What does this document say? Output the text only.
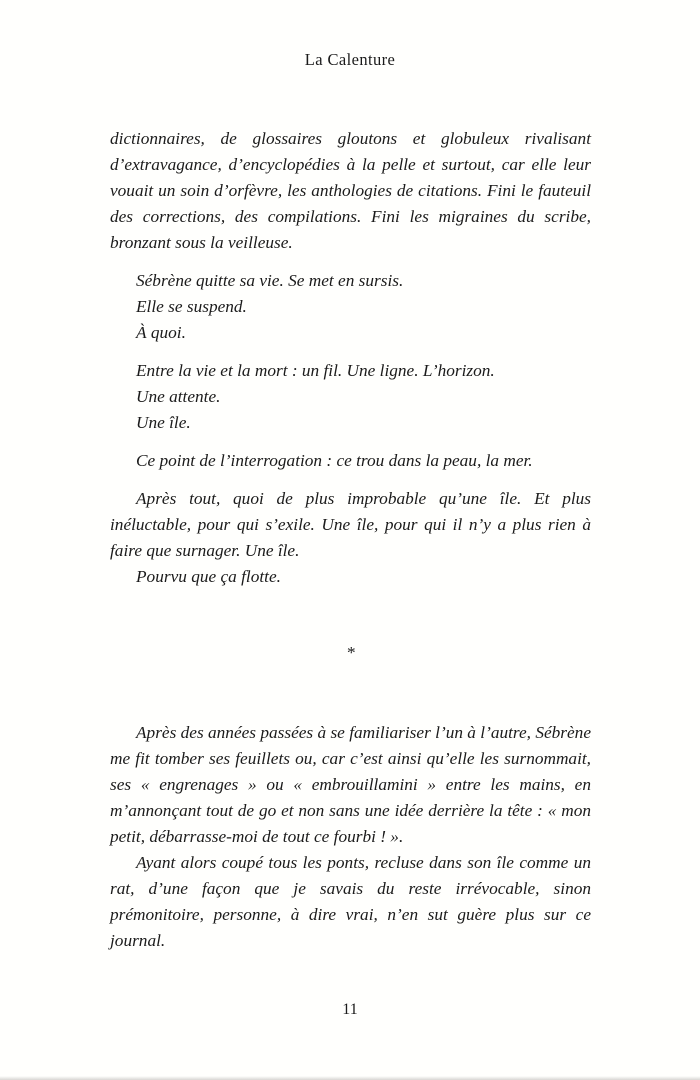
La Calenture

dictionnaires, de glossaires gloutons et globuleux rivalisant d’extravagance, d’encyclopédies à la pelle et surtout, car elle leur vouait un soin d’orfèvre, les anthologies de citations. Fini le fauteuil des corrections, des compilations. Fini les migraines du scribe, bronzant sous la veilleuse.

Sébrène quitte sa vie. Se met en sursis.

Elle se suspend.

À quoi.

Entre la vie et la mort : un fil. Une ligne. L’horizon.

Une attente.

Une île.

Ce point de l’interrogation : ce trou dans la peau, la mer.

Après tout, quoi de plus improbable qu’une île. Et plus inéluctable, pour qui s’exile. Une île, pour qui il n’y a plus rien à faire que surnager. Une île.

Pourvu que ça flotte.

*

Après des années passées à se familiariser l’un à l’autre, Sébrène me fit tomber ses feuillets ou, car c’est ainsi qu’elle les surnommait, ses « engrenages » ou « embrouillamini » entre les mains, en m’annonçant tout de go et non sans une idée derrière la tête : « mon petit, débarrasse-moi de tout ce fourbi ! ».

Ayant alors coupé tous les ponts, recluse dans son île comme un rat, d’une façon que je savais du reste irrévocable, sinon prémonitoire, personne, à dire vrai, n’en sut guère plus sur ce journal.

11
